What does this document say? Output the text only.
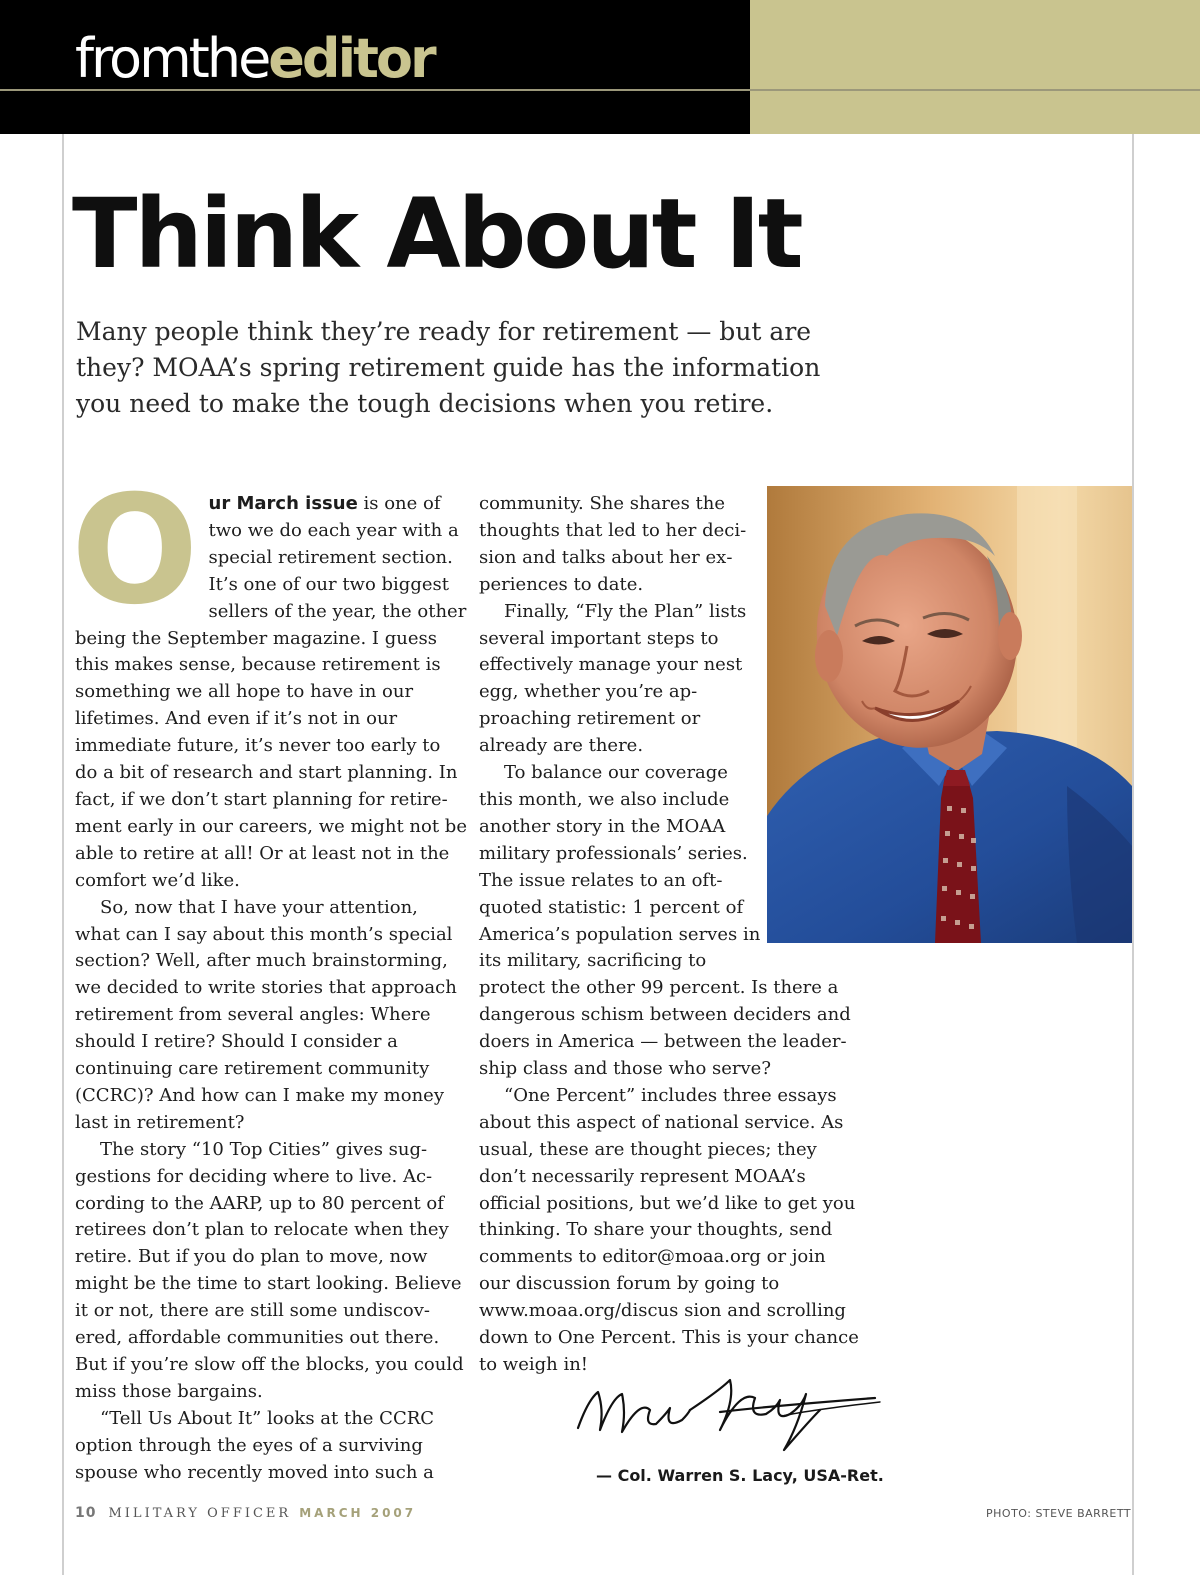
fromtheeditor
Think About It

Many people think they’re ready for retirement — but are they? MOAA’s spring retirement guide has the information you need to make the tough decisions when you retire.

Our March issue is one of two we do each year with a special retirement section. It’s one of our two biggest sellers of the year, the other being the September magazine. I guess this makes sense, because retirement is something we all hope to have in our lifetimes. And even if it’s not in our immediate future, it’s never too early to do a bit of research and start planning. In fact, if we don’t start planning for retirement early in our careers, we might not be able to retire at all! Or at least not in the comfort we’d like.

So, now that I have your attention, what can I say about this month’s special section? Well, after much brainstorming, we decided to write stories that approach retirement from several angles: Where should I retire? Should I consider a continuing care retirement community (CCRC)? And how can I make my money last in retirement?

The story “10 Top Cities” gives suggestions for deciding where to live. According to the AARP, up to 80 percent of retirees don’t plan to relocate when they retire. But if you do plan to move, now might be the time to start looking. Believe it or not, there are still some undiscovered, affordable communities out there. But if you’re slow off the blocks, you could miss those bargains.

“Tell Us About It” looks at the CCRC option through the eyes of a surviving spouse who recently moved into such a

community. She shares the thoughts that led to her decision and talks about her experiences to date.

Finally, “Fly the Plan” lists several important steps to effectively manage your nest egg, whether you’re approaching retirement or already are there.

To balance our coverage this month, we also include another story in the MOAA military professionals’ series. The issue relates to an oft-quoted statistic: 1 percent of America’s population serves in its military, sacrificing to

protect the other 99 percent. Is there a dangerous schism between deciders and doers in America — between the leadership class and those who serve?

“One Percent” includes three essays about this aspect of national service. As usual, these are thought pieces; they don’t necessarily represent MOAA’s official positions, but we’d like to get you thinking. To share your thoughts, send comments to editor@moaa.org or join our discussion forum by going to www.moaa.org/discus sion and scrolling down to One Percent. This is your chance to weigh in!

— Col. Warren S. Lacy, USA-Ret.
10 MILITARY OFFICER MARCH 2007	PHOTO: STEVE BARRETT
